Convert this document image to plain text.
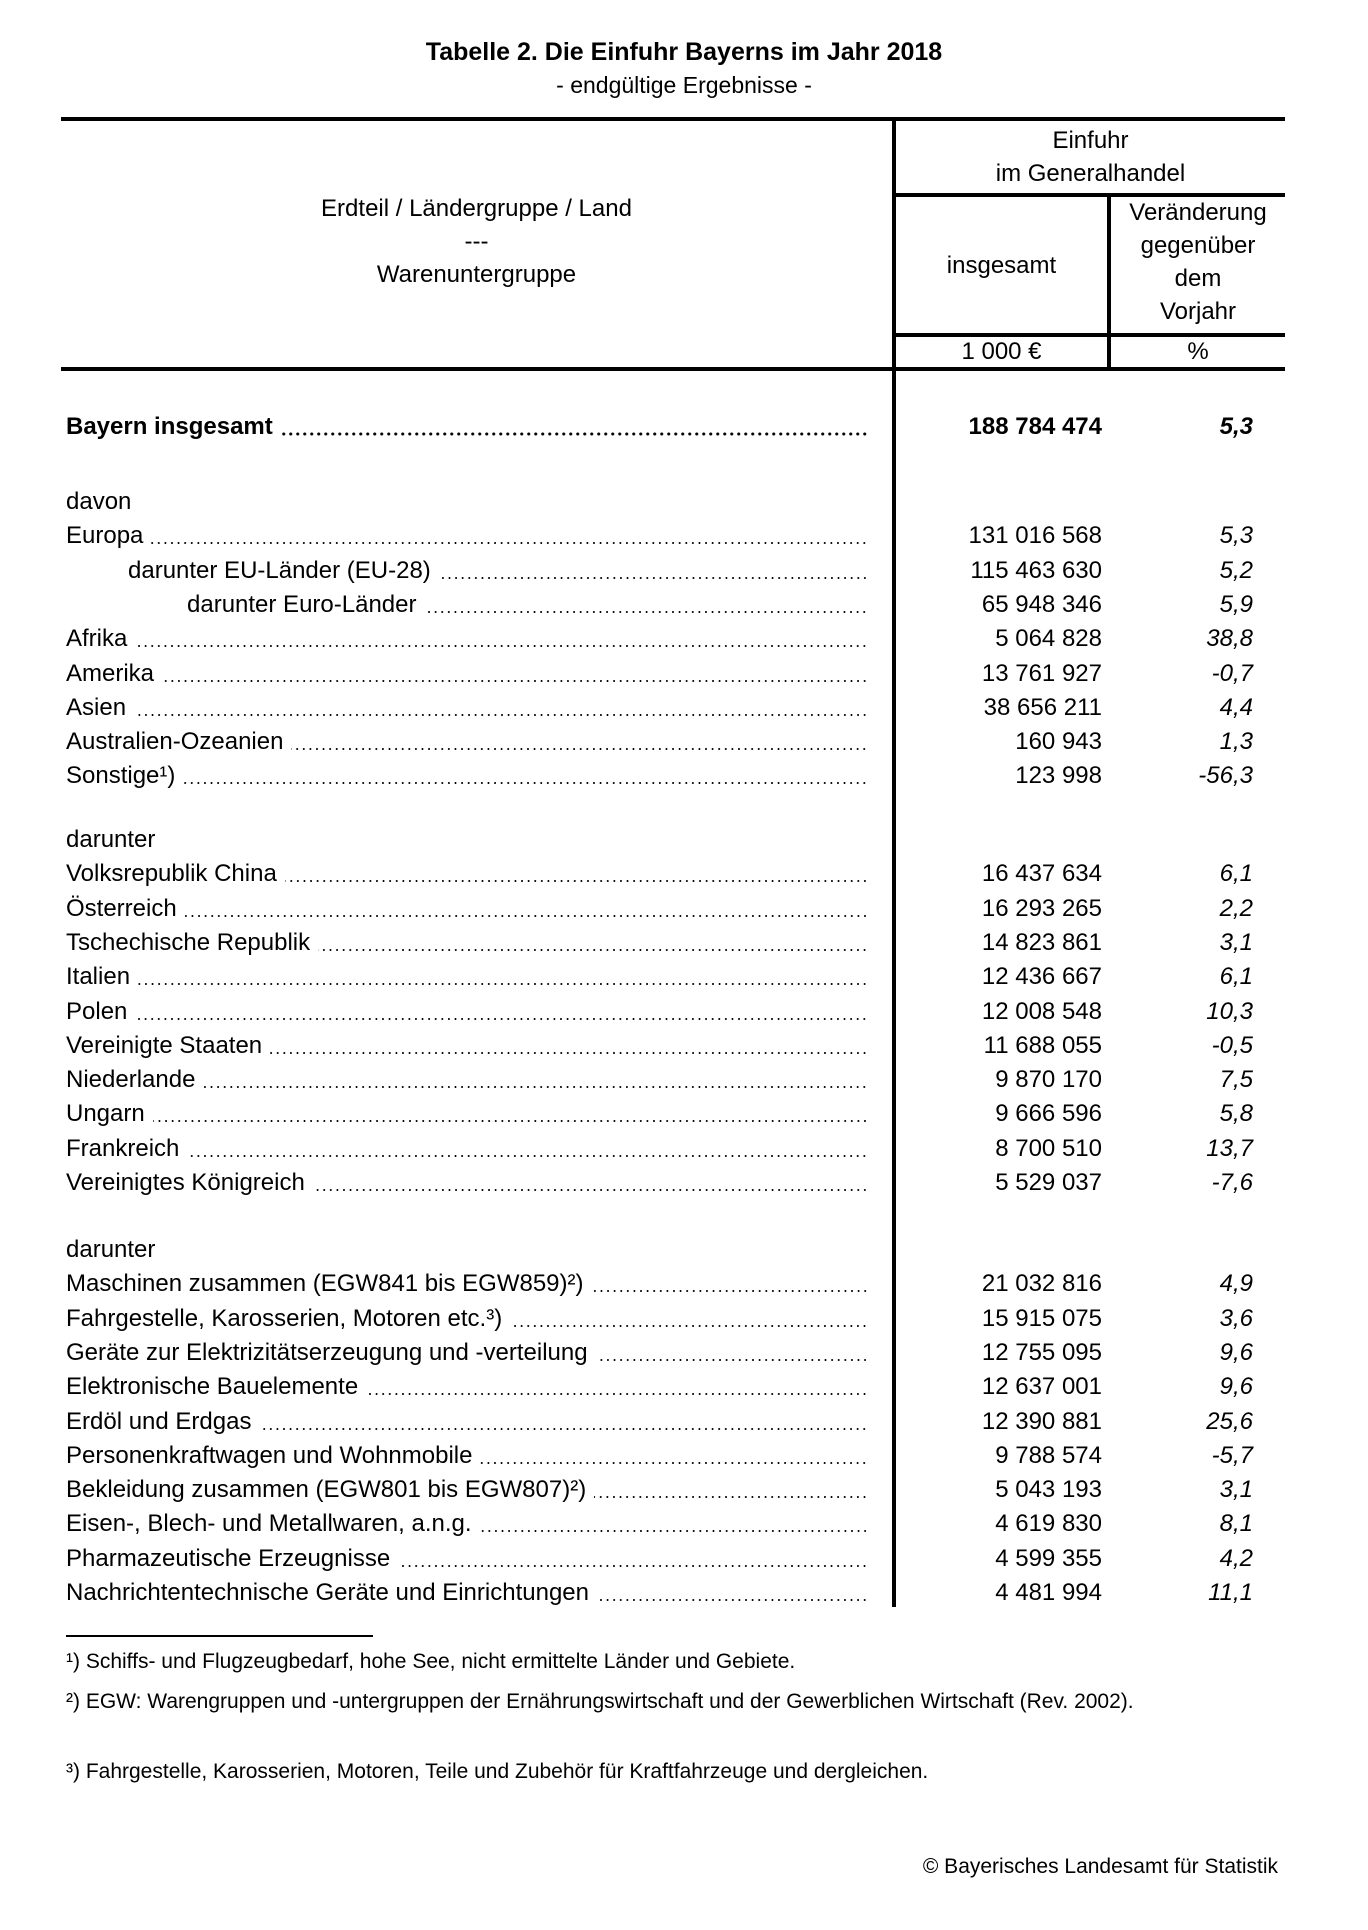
Tabelle 2. Die Einfuhr Bayerns im Jahr 2018
- endgültige Ergebnisse -
Erdteil / Ländergruppe / Land
---
Warenuntergruppe
Einfuhr
im Generalhandel
insgesamt
Veränderung
gegenüber
dem
Vorjahr
1 000 €	%
Bayern insgesamt	188 784 474	5,3
davon
Europa	131 016 568	5,3
darunter EU-Länder (EU-28)	115 463 630	5,2
darunter Euro-Länder	65 948 346	5,9
Afrika	5 064 828	38,8
Amerika	13 761 927	-0,7
Asien	38 656 211	4,4
Australien-Ozeanien	160 943	1,3
Sonstige¹)	123 998	-56,3
darunter
Volksrepublik China	16 437 634	6,1
Österreich	16 293 265	2,2
Tschechische Republik	14 823 861	3,1
Italien	12 436 667	6,1
Polen	12 008 548	10,3
Vereinigte Staaten	11 688 055	-0,5
Niederlande	9 870 170	7,5
Ungarn	9 666 596	5,8
Frankreich	8 700 510	13,7
Vereinigtes Königreich	5 529 037	-7,6
darunter
Maschinen zusammen (EGW841 bis EGW859)²)	21 032 816	4,9
Fahrgestelle, Karosserien, Motoren etc.³)	15 915 075	3,6
Geräte zur Elektrizitätserzeugung und -verteilung	12 755 095	9,6
Elektronische Bauelemente	12 637 001	9,6
Erdöl und Erdgas	12 390 881	25,6
Personenkraftwagen und Wohnmobile	9 788 574	-5,7
Bekleidung zusammen (EGW801 bis EGW807)²)	5 043 193	3,1
Eisen-, Blech- und Metallwaren, a.n.g.	4 619 830	8,1
Pharmazeutische Erzeugnisse	4 599 355	4,2
Nachrichtentechnische Geräte und Einrichtungen	4 481 994	11,1
¹) Schiffs- und Flugzeugbedarf, hohe See, nicht ermittelte Länder und Gebiete.
²) EGW: Warengruppen und -untergruppen der Ernährungswirtschaft und der Gewerblichen Wirtschaft (Rev. 2002).
³) Fahrgestelle, Karosserien, Motoren, Teile und Zubehör für Kraftfahrzeuge und dergleichen.
© Bayerisches Landesamt für Statistik
